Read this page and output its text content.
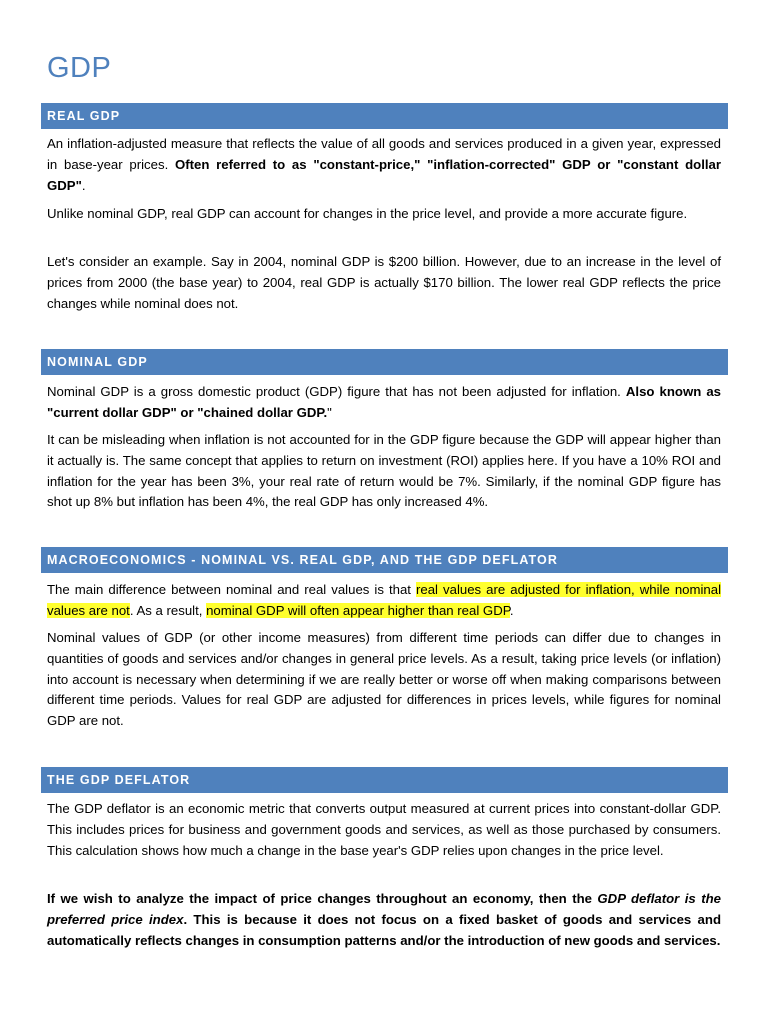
GDP
REAL GDP
An inflation-adjusted measure that reflects the value of all goods and services produced in a given year, expressed in base-year prices. Often referred to as "constant-price," "inflation-corrected" GDP or "constant dollar GDP".
Unlike nominal GDP, real GDP can account for changes in the price level, and provide a more accurate figure.
Let's consider an example. Say in 2004, nominal GDP is $200 billion. However, due to an increase in the level of prices from 2000 (the base year) to 2004, real GDP is actually $170 billion. The lower real GDP reflects the price changes while nominal does not.
NOMINAL GDP
Nominal GDP is a gross domestic product (GDP) figure that has not been adjusted for inflation. Also known as "current dollar GDP" or "chained dollar GDP."
It can be misleading when inflation is not accounted for in the GDP figure because the GDP will appear higher than it actually is. The same concept that applies to return on investment (ROI) applies here. If you have a 10% ROI and inflation for the year has been 3%, your real rate of return would be 7%. Similarly, if the nominal GDP figure has shot up 8% but inflation has been 4%, the real GDP has only increased 4%.
MACROECONOMICS - NOMINAL VS. REAL GDP, AND THE GDP DEFLATOR
The main difference between nominal and real values is that real values are adjusted for inflation, while nominal values are not. As a result, nominal GDP will often appear higher than real GDP.
Nominal values of GDP (or other income measures) from different time periods can differ due to changes in quantities of goods and services and/or changes in general price levels. As a result, taking price levels (or inflation) into account is necessary when determining if we are really better or worse off when making comparisons between different time periods. Values for real GDP are adjusted for differences in prices levels, while figures for nominal GDP are not.
THE GDP DEFLATOR
The GDP deflator is an economic metric that converts output measured at current prices into constant-dollar GDP. This includes prices for business and government goods and services, as well as those purchased by consumers. This calculation shows how much a change in the base year's GDP relies upon changes in the price level.
If we wish to analyze the impact of price changes throughout an economy, then the GDP deflator is the preferred price index. This is because it does not focus on a fixed basket of goods and services and automatically reflects changes in consumption patterns and/or the introduction of new goods and services.
